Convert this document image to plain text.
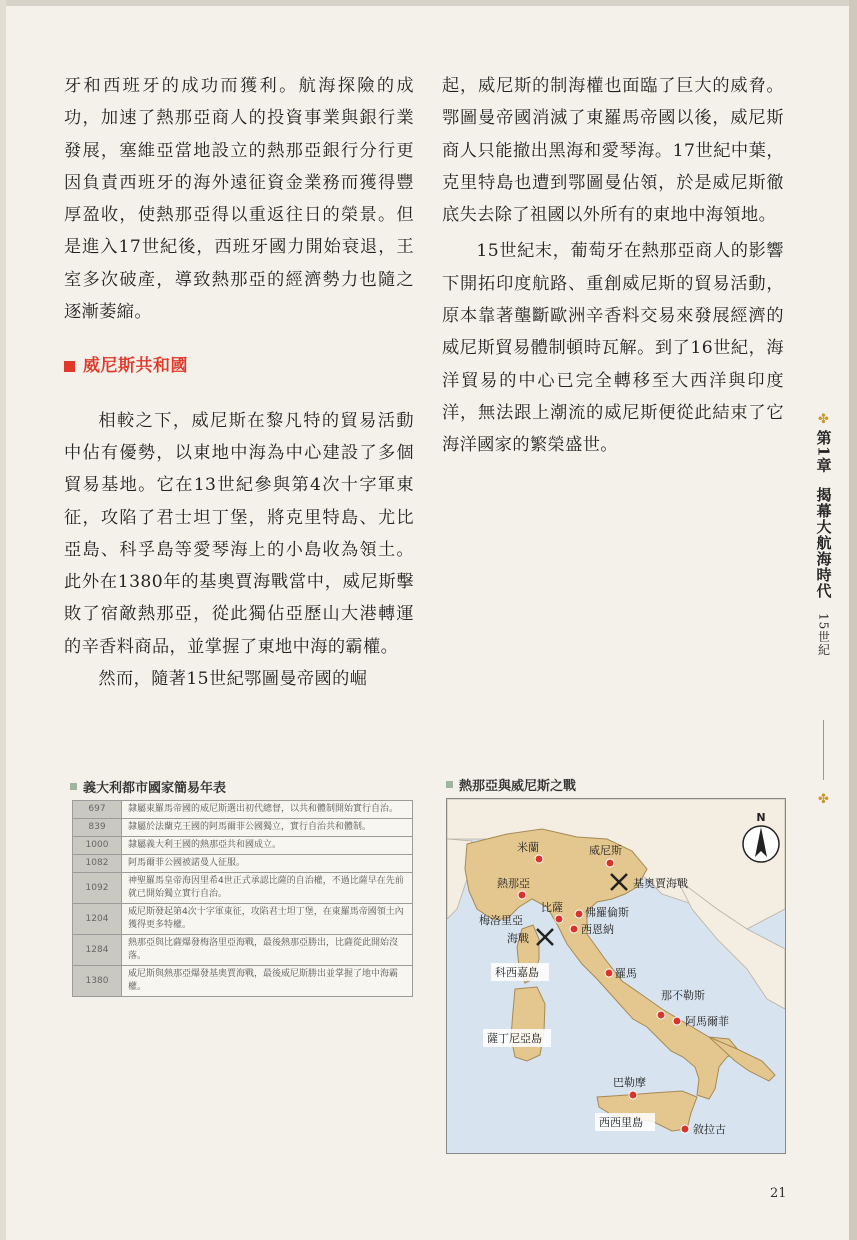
牙和西班牙的成功而獲利。航海探險的成功，加速了熱那亞商人的投資事業與銀行業發展，塞維亞當地設立的熱那亞銀行分行更因負責西班牙的海外遠征資金業務而獲得豐厚盈收，使熱那亞得以重返往日的榮景。但是進入17世紀後，西班牙國力開始衰退，王室多次破產，導致熱那亞的經濟勢力也隨之逐漸萎縮。

威尼斯共和國

相較之下，威尼斯在黎凡特的貿易活動中佔有優勢，以東地中海為中心建設了多個貿易基地。它在13世紀參與第4次十字軍東征，攻陷了君士坦丁堡，將克里特島、尤比亞島、科孚島等愛琴海上的小島收為領土。此外在1380年的基奧賈海戰當中，威尼斯擊敗了宿敵熱那亞，從此獨佔亞歷山大港轉運的辛香料商品，並掌握了東地中海的霸權。

然而，隨著15世紀鄂圖曼帝國的崛

起，威尼斯的制海權也面臨了巨大的威脅。鄂圖曼帝國消滅了東羅馬帝國以後，威尼斯商人只能撤出黑海和愛琴海。17世紀中葉，克里特島也遭到鄂圖曼佔領，於是威尼斯徹底失去除了祖國以外所有的東地中海領地。

15世紀末，葡萄牙在熱那亞商人的影響下開拓印度航路、重創威尼斯的貿易活動，原本靠著壟斷歐洲辛香料交易來發展經濟的威尼斯貿易體制頓時瓦解。到了16世紀，海洋貿易的中心已完全轉移至大西洋與印度洋，無法跟上潮流的威尼斯便從此結束了它海洋國家的繁榮盛世。

義大利都市國家簡易年表
697	隸屬東羅馬帝國的威尼斯選出初代總督，以共和體制開始實行自治。
839	隸屬於法蘭克王國的阿馬爾菲公國獨立，實行自治共和體制。
1000	隸屬義大利王國的熱那亞共和國成立。
1082	阿馬爾菲公國被諾曼人征服。
1092	神聖羅馬皇帝海因里希4世正式承認比薩的自治權，不過比薩早在先前就已開始獨立實行自治。
1204	威尼斯發起第4次十字軍東征，攻陷君士坦丁堡，在東羅馬帝國領土內獲得更多特權。
1284	熱那亞與比薩爆發梅洛里亞海戰，最後熱那亞勝出，比薩從此開始沒落。
1380	威尼斯與熱那亞爆發基奧賈海戰，最後威尼斯勝出並掌握了地中海霸權。
熱那亞與威尼斯之戰
N
米蘭	威尼斯
基奧賈海戰
熱那亞
比薩 佛羅倫斯
西恩納
梅洛里亞
海戰
科西嘉島	羅馬
那不勒斯
阿馬爾菲
薩丁尼亞島
巴勒摩
西西里島
敘拉古
✤
第1章
揭幕大航海時代
15世紀
✤
21
